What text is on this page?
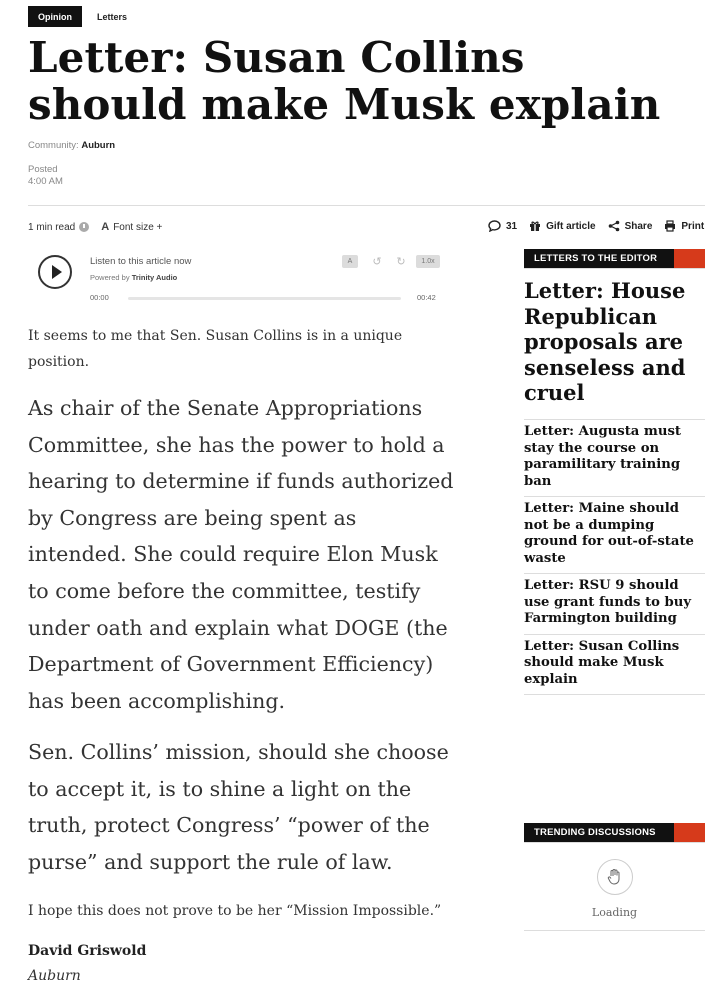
Opinion	Letters
Letter: Susan Collins should make Musk explain
Community: Auburn
Posted
4:00 AM
1 min read A Font size +	31	Gift article	Share	Print
Listen to this article now
Powered by Trinity Audio
A	↺ ↻	1.0x
00:00	00:42

It seems to me that Sen. Susan Collins is in a unique position.

As chair of the Senate Appropriations Committee, she has the power to hold a hearing to determine if funds authorized by Congress are being spent as intended. She could require Elon Musk to come before the committee, testify under oath and explain what DOGE (the Department of Government Efficiency) has been accomplishing.

Sen. Collins’ mission, should she choose to accept it, is to shine a light on the truth, protect Congress’ “power of the purse” and support the rule of law.

I hope this does not prove to be her “Mission Impossible.”

David Griswold
Auburn
LETTERS TO THE EDITOR
Letter: House Republican proposals are senseless and cruel
Letter: Augusta must stay the course on paramilitary training ban
Letter: Maine should not be a dumping ground for out-of-state waste
Letter: RSU 9 should use grant funds to buy Farmington building
Letter: Susan Collins should make Musk explain
TRENDING DISCUSSIONS
Loading
